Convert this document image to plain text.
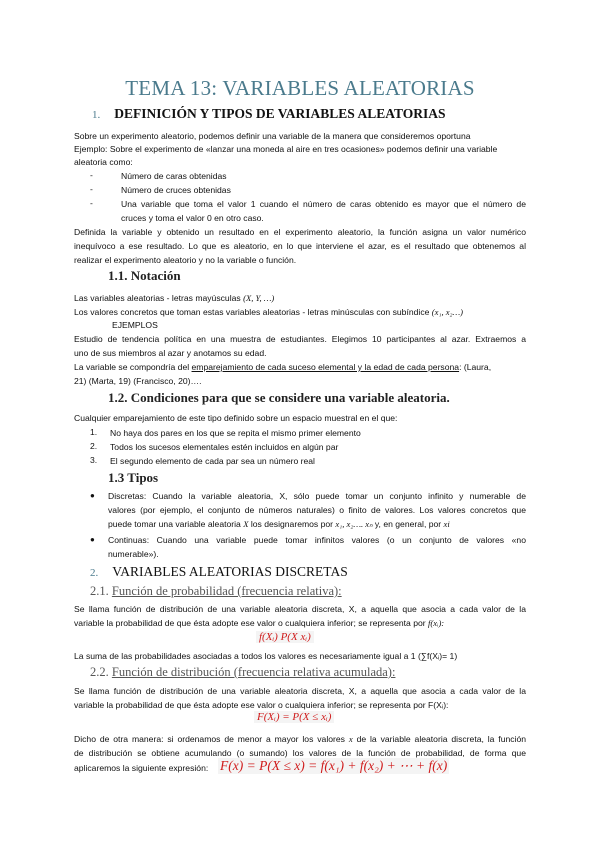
TEMA 13: VARIABLES ALEATORIAS
1. DEFINICIÓN Y TIPOS DE VARIABLES ALEATORIAS
Sobre un experimento aleatorio, podemos definir una variable de la manera que consideremos oportuna
Ejemplo: Sobre el experimento de «lanzar una moneda al aire en tres ocasiones» podemos definir una variable
aleatoria como:
-	Número de caras obtenidas
-	Número de cruces obtenidas
-	Una variable que toma el valor 1 cuando el número de caras obtenido es mayor que el número de
cruces y toma el valor 0 en otro caso.
Definida la variable y obtenido un resultado en el experimento aleatorio, la función asigna un valor numérico
inequívoco a ese resultado. Lo que es aleatorio, en lo que interviene el azar, es el resultado que obtenemos al
realizar el experimento aleatorio y no la variable o función.
1.1. Notación
Las variables aleatorias - letras mayúsculas (X, Y, …)
Los valores concretos que toman estas variables aleatorias - letras minúsculas con subíndice (x₁, x₂…)
EJEMPLOS
Estudio de tendencia política en una muestra de estudiantes. Elegimos 10 participantes al azar. Extraemos a
uno de sus miembros al azar y anotamos su edad.
La variable se compondría del emparejamiento de cada suceso elemental y la edad de cada persona: (Laura,
21) (Marta, 19) (Francisco, 20)….
1.2. Condiciones para que se considere una variable aleatoria.
Cualquier emparejamiento de este tipo definido sobre un espacio muestral en el que:
1. No haya dos pares en los que se repita el mismo primer elemento
2. Todos los sucesos elementales estén incluidos en algún par
3. El segundo elemento de cada par sea un número real
1.3 Tipos
● Discretas: Cuando la variable aleatoria, X, sólo puede tomar un conjunto infinito y numerable de
valores (por ejemplo, el conjunto de números naturales) o finito de valores. Los valores concretos que
puede tomar una variable aleatoria X los designaremos por x₁, x₂…. xₙ y, en general, por xi
● Continuas: Cuando una variable puede tomar infinitos valores (o un conjunto de valores «no
numerable»).
2. VARIABLES ALEATORIAS DISCRETAS
2.1. Función de probabilidad (frecuencia relativa):
Se llama función de distribución de una variable aleatoria discreta, X, a aquella que asocia a cada valor de la
variable la probabilidad de que ésta adopte ese valor o cualquiera inferior; se representa por f(xᵢ):
f(Xᵢ) P(X xᵢ)
La suma de las probabilidades asociadas a todos los valores es necesariamente igual a 1 (∑f(Xᵢ)= 1)
2.2. Función de distribución (frecuencia relativa acumulada):
Se llama función de distribución de una variable aleatoria discreta, X, a aquella que asocia a cada valor de la
variable la probabilidad de que ésta adopte ese valor o cualquiera inferior; se representa por F(Xᵢ):
F(Xᵢ) = P(X ≤ xᵢ)
Dicho de otra manera: si ordenamos de menor a mayor los valores x de la variable aleatoria discreta, la función
de distribución se obtiene acumulando (o sumando) los valores de la función de probabilidad, de forma que
aplicaremos la siguiente expresión: F(x) = P(X ≤ x) = f(x₁) + f(x₂) + ⋯ + f(x)
